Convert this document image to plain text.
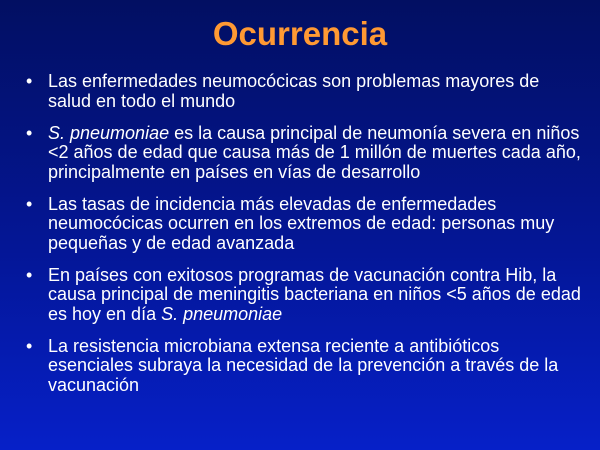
Ocurrencia
• Las enfermedades neumocócicas son problemas mayores de salud en todo el mundo
• S. pneumoniae es la causa principal de neumonía severa en niños <2 años de edad que causa más de 1 millón de muertes cada año, principalmente en países en vías de desarrollo
• Las tasas de incidencia más elevadas de enfermedades neumocócicas ocurren en los extremos de edad: personas muy pequeñas y de edad avanzada
• En países con exitosos programas de vacunación contra Hib, la causa principal de meningitis bacteriana en niños <5 años de edad es hoy en día S. pneumoniae
• La resistencia microbiana extensa reciente a antibióticos esenciales subraya la necesidad de la prevención a través de la vacunación
